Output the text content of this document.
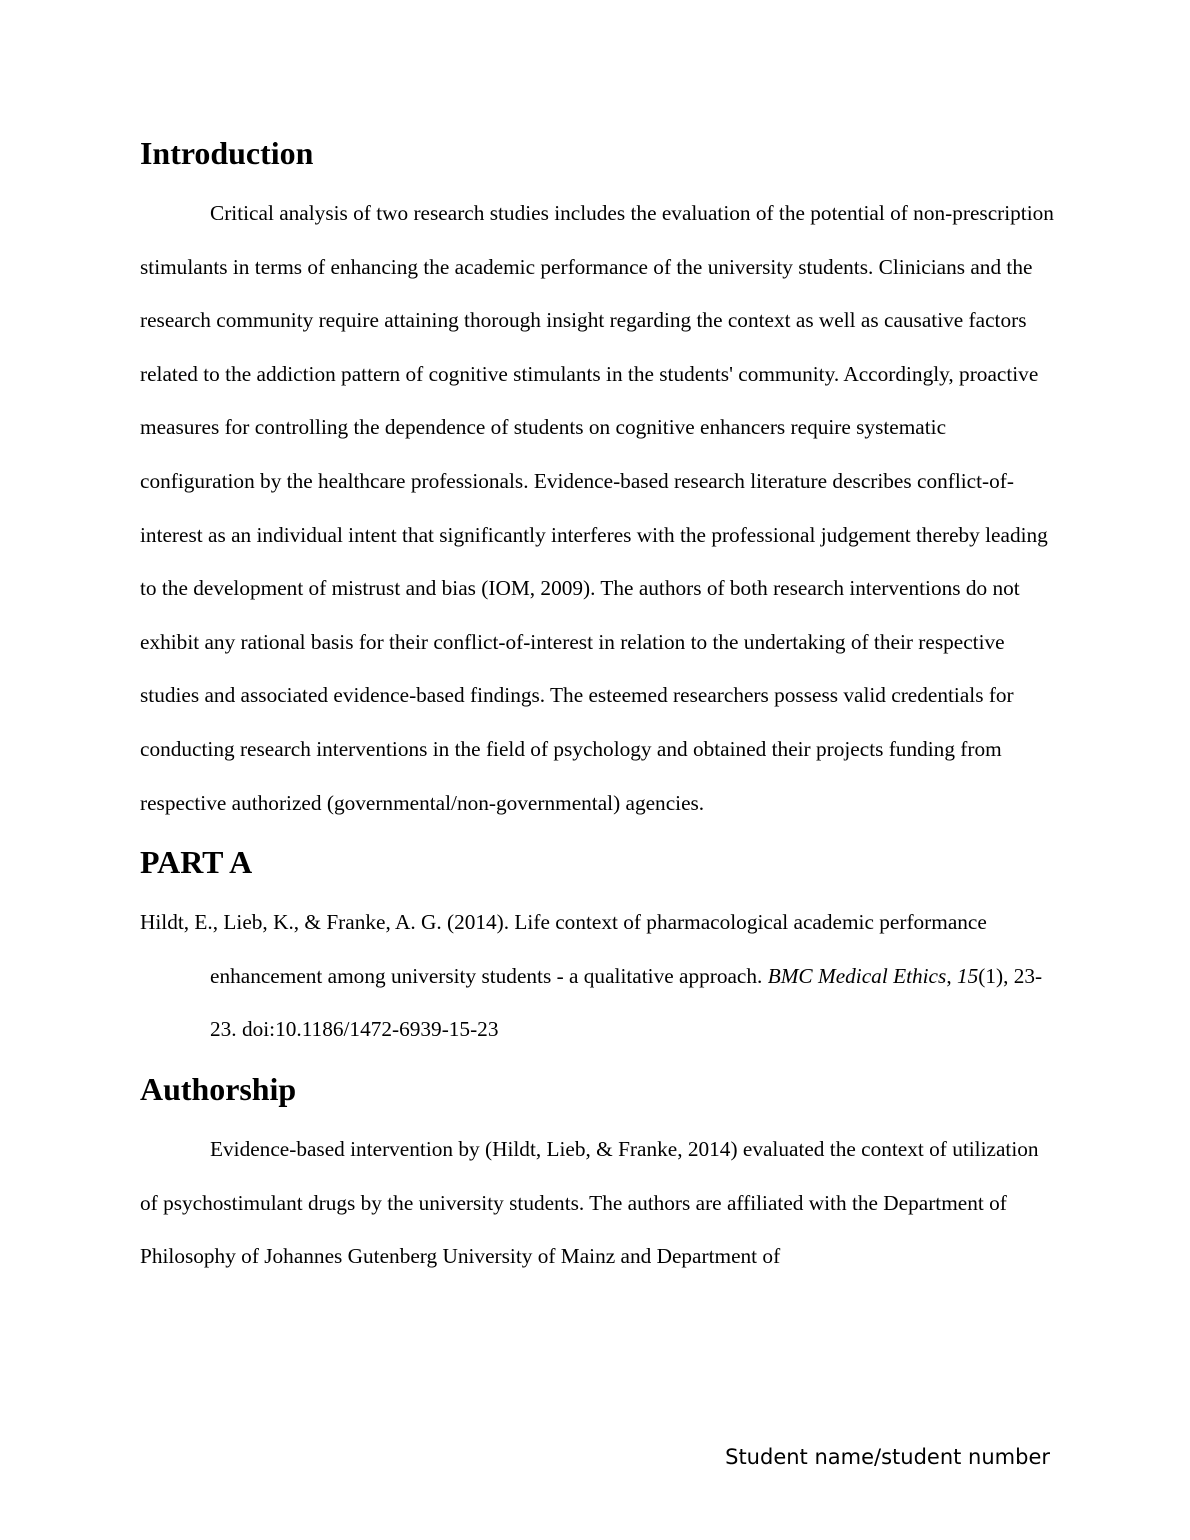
Introduction

Critical analysis of two research studies includes the evaluation of the potential of non-prescription stimulants in terms of enhancing the academic performance of the university students. Clinicians and the research community require attaining thorough insight regarding the context as well as causative factors related to the addiction pattern of cognitive stimulants in the students' community. Accordingly, proactive measures for controlling the dependence of students on cognitive enhancers require systematic configuration by the healthcare professionals. Evidence-based research literature describes conflict-of-interest as an individual intent that significantly interferes with the professional judgement thereby leading to the development of mistrust and bias (IOM, 2009). The authors of both research interventions do not exhibit any rational basis for their conflict-of-interest in relation to the undertaking of their respective studies and associated evidence-based findings. The esteemed researchers possess valid credentials for conducting research interventions in the field of psychology and obtained their projects funding from respective authorized (governmental/non-governmental) agencies.

PART A

Hildt, E., Lieb, K., & Franke, A. G. (2014). Life context of pharmacological academic performance enhancement among university students - a qualitative approach. BMC Medical Ethics, 15(1), 23-23. doi:10.1186/1472-6939-15-23

Authorship

Evidence-based intervention by (Hildt, Lieb, & Franke, 2014) evaluated the context of utilization of psychostimulant drugs by the university students. The authors are affiliated with the Department of Philosophy of Johannes Gutenberg University of Mainz and Department of

Student name/student number
